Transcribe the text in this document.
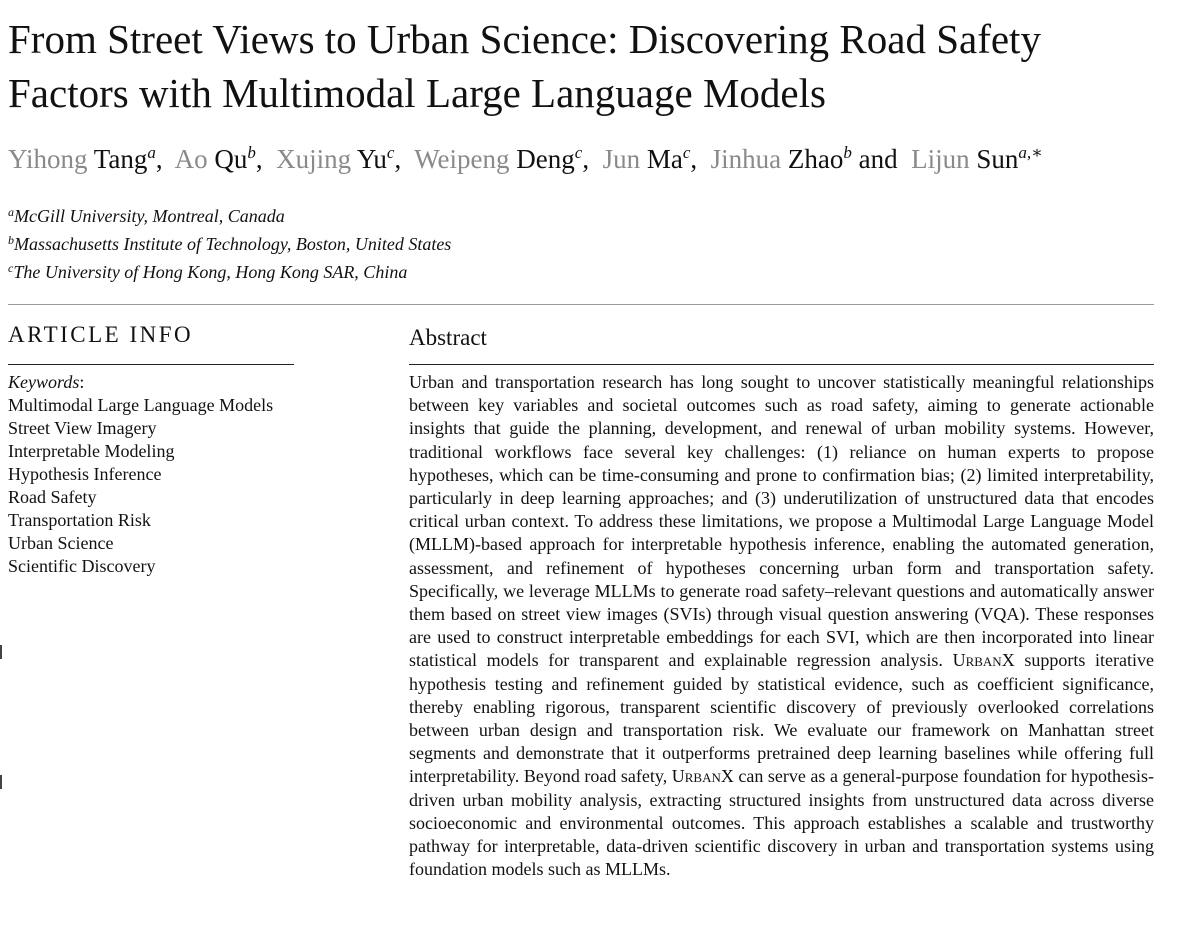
From Street Views to Urban Science: Discovering Road Safety Factors with Multimodal Large Language Models
Yihong Tang$^a$, Ao Qu$^b$, Xujing Yu$^c$, Weipeng Deng$^c$, Jun Ma$^c$, Jinhua Zhao$^b$ and Lijun Sun$^{a,∗}$
$^a$McGill University, Montreal, Canada
$^b$Massachusetts Institute of Technology, Boston, United States
$^c$The University of Hong Kong, Hong Kong SAR, China
ARTICLE INFO
Keywords:
Multimodal Large Language Models
Street View Imagery
Interpretable Modeling
Hypothesis Inference
Road Safety
Transportation Risk
Urban Science
Scientific Discovery
Abstract
Urban and transportation research has long sought to uncover statistically meaningful relationships between key variables and societal outcomes such as road safety, aiming to generate actionable insights that guide the planning, development, and renewal of urban mobility systems. However, traditional workflows face several key challenges: (1) reliance on human experts to propose hypotheses, which can be time-consuming and prone to confirmation bias; (2) limited interpretability, particularly in deep learning approaches; and (3) underutilization of unstructured data that encodes critical urban context. To address these limitations, we propose a Multimodal Large Language Model (MLLM)-based approach for interpretable hypothesis inference, enabling the automated generation, assessment, and refinement of hypotheses concerning urban form and transportation safety. Specifically, we leverage MLLMs to generate road safety–relevant questions and automatically answer them based on street view images (SVIs) through visual question answering (VQA). These responses are used to construct interpretable embeddings for each SVI, which are then incorporated into linear statistical models for transparent and explainable regression analysis. UrbanX supports iterative hypothesis testing and refinement guided by statistical evidence, such as coefficient significance, thereby enabling rigorous, transparent scientific discovery of previously overlooked correlations between urban design and transportation risk. We evaluate our framework on Manhattan street segments and demonstrate that it outperforms pretrained deep learning baselines while offering full interpretability. Beyond road safety, UrbanX can serve as a general-purpose foundation for hypothesis-driven urban mobility analysis, extracting structured insights from unstructured data across diverse socioeconomic and environmental outcomes. This approach establishes a scalable and trustworthy pathway for interpretable, data-driven scientific discovery in urban and transportation systems using foundation models such as MLLMs.
